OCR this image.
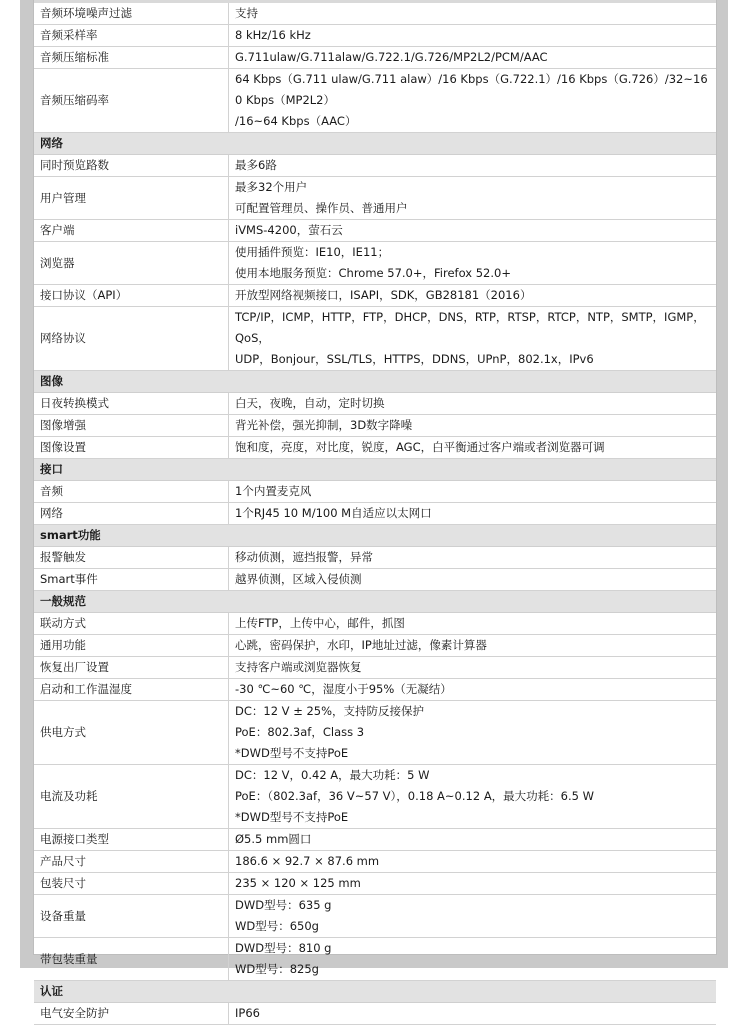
音频环境噪声过滤	支持

音频采样率	8 kHz/16 kHz

音频压缩标准	G.711ulaw/G.711alaw/G.722.1/G.726/MP2L2/PCM/AAC

音频压缩码率	64 Kbps（G.711 ulaw/G.711 alaw）/16 Kbps（G.722.1）/16 Kbps（G.726）/32~160 Kbps（MP2L2）
/16~64 Kbps（AAC）

网络	
同时预览路数	最多6路

用户管理	最多32个用户
可配置管理员、操作员、普通用户

客户端	iVMS-4200，萤石云

浏览器	使用插件预览：IE10，IE11；
使用本地服务预览：Chrome 57.0+，Firefox 52.0+

接口协议（API）	开放型网络视频接口，ISAPI，SDK，GB28181（2016）

网络协议	TCP/IP，ICMP，HTTP，FTP，DHCP，DNS，RTP，RTSP，RTCP，NTP，SMTP，IGMP，QoS，
UDP，Bonjour，SSL/TLS，HTTPS，DDNS，UPnP，802.1x，IPv6

图像	
日夜转换模式	白天，夜晚，自动，定时切换

图像增强	背光补偿，强光抑制，3D数字降噪

图像设置	饱和度，亮度，对比度，锐度，AGC，白平衡通过客户端或者浏览器可调

接口	
音频	1个内置麦克风

网络	1个RJ45 10 M/100 M自适应以太网口

smart功能	
报警触发	移动侦测，遮挡报警，异常

Smart事件	越界侦测，区域入侵侦测

一般规范	
联动方式	上传FTP，上传中心，邮件，抓图

通用功能	心跳，密码保护，水印，IP地址过滤，像素计算器

恢复出厂设置	支持客户端或浏览器恢复

启动和工作温湿度	-30 ℃~60 ℃，湿度小于95%（无凝结）

供电方式	DC：12 V ± 25%，支持防反接保护
PoE：802.3af，Class 3
*DWD型号不支持PoE

电流及功耗	DC：12 V，0.42 A，最大功耗：5 W
PoE：（802.3af，36 V~57 V），0.18 A~0.12 A，最大功耗：6.5 W
*DWD型号不支持PoE

电源接口类型	Ø5.5 mm圆口

产品尺寸	186.6 × 92.7 × 87.6 mm

包装尺寸	235 × 120 × 125 mm

设备重量	DWD型号：635 g
WD型号：650g

带包装重量	DWD型号：810 g
WD型号：825g

认证	
电气安全防护	IP66
